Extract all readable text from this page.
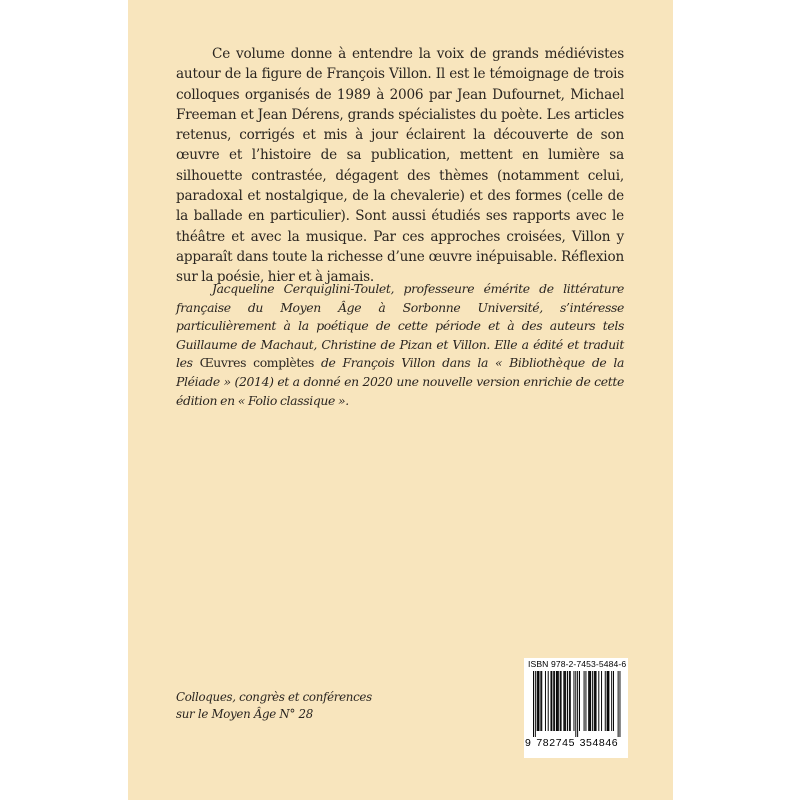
Ce volume donne à entendre la voix de grands médiévistes autour de la figure de François Villon. Il est le témoignage de trois colloques organisés de 1989 à 2006 par Jean Dufournet, Michael Freeman et Jean Dérens, grands spécialistes du poète. Les articles retenus, corrigés et mis à jour éclairent la découverte de son œuvre et l’histoire de sa publication, mettent en lumière sa silhouette contrastée, dégagent des thèmes (notamment celui, paradoxal et nostalgique, de la chevalerie) et des formes (celle de la ballade en particulier). Sont aussi étudiés ses rapports avec le théâtre et avec la musique. Par ces approches croisées, Villon y apparaît dans toute la richesse d’une œuvre inépuisable. Réflexion sur la poésie, hier et à jamais.

Jacqueline Cerquiglini-Toulet, professeure émérite de littérature française du Moyen Âge à Sorbonne Université, s’intéresse particulièrement à la poétique de cette période et à des auteurs tels Guillaume de Machaut, Christine de Pizan et Villon. Elle a édité et traduit les Œuvres complètes de François Villon dans la « Bibliothèque de la Pléiade » (2014) et a donné en 2020 une nouvelle version enrichie de cette édition en « Folio classique ».

Colloques, congrès et conférences
sur le Moyen Âge N° 28

ISBN 978-2-7453-5484-6
9 7 8 2 7 4 5 3 5 4 8 4 6
